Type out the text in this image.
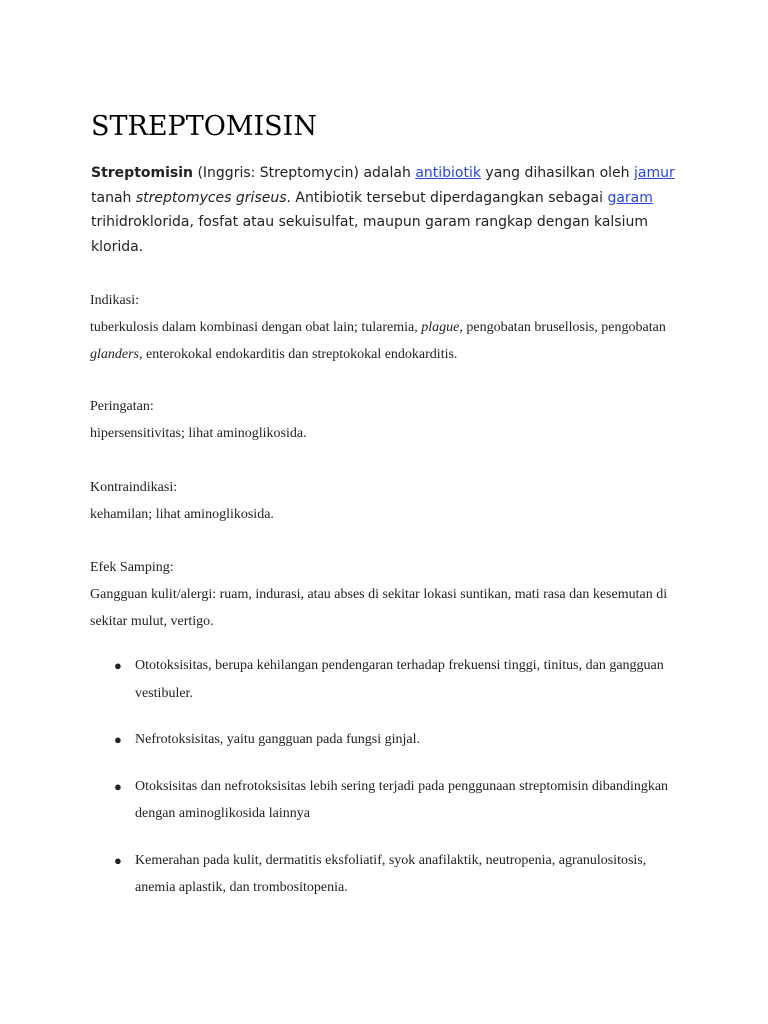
STREPTOMISIN
Streptomisin (Inggris: Streptomycin) adalah antibiotik yang dihasilkan oleh jamur tanah streptomyces griseus. Antibiotik tersebut diperdagangkan sebagai garam trihidroklorida, fosfat atau sekuisulfat, maupun garam rangkap dengan kalsium klorida.

Indikasi:

tuberkulosis dalam kombinasi dengan obat lain; tularemia, plague, pengobatan brusellosis, pengobatan glanders, enterokokal endokarditis dan streptokokal endokarditis.

Peringatan:

hipersensitivitas; lihat aminoglikosida.

Kontraindikasi:

kehamilan; lihat aminoglikosida.

Efek Samping:

Gangguan kulit/alergi: ruam, indurasi, atau abses di sekitar lokasi suntikan, mati rasa dan kesemutan di sekitar mulut, vertigo.

● Ototoksisitas, berupa kehilangan pendengaran terhadap frekuensi tinggi, tinitus, dan gangguan vestibuler.
● Nefrotoksisitas, yaitu gangguan pada fungsi ginjal.
● Otoksisitas dan nefrotoksisitas lebih sering terjadi pada penggunaan streptomisin dibandingkan dengan aminoglikosida lainnya
● Kemerahan pada kulit, dermatitis eksfoliatif, syok anafilaktik, neutropenia, agranulositosis, anemia aplastik, dan trombositopenia.
